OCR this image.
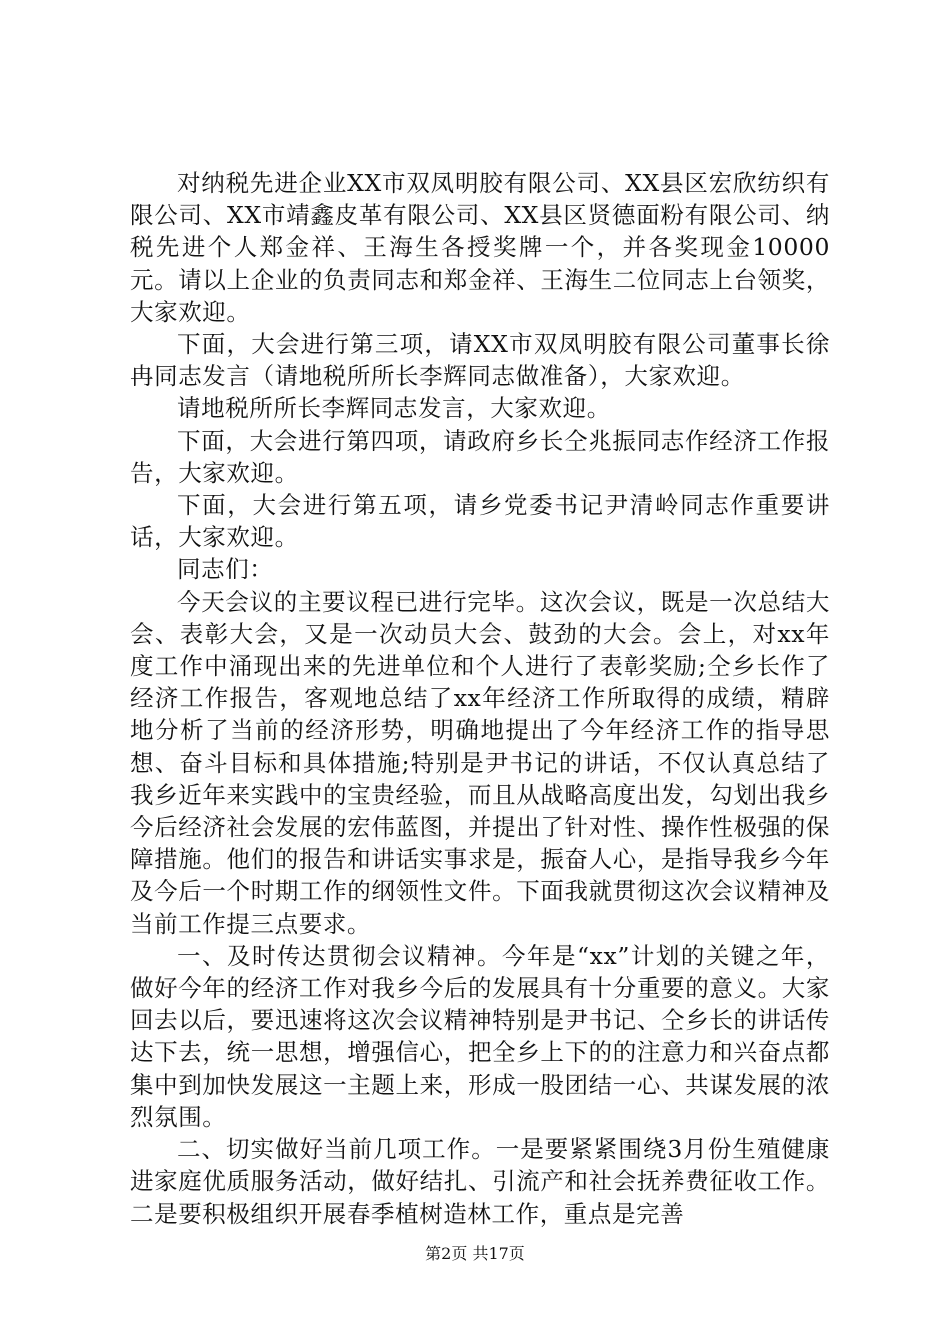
对纳税先进企业XX市双凤明胶有限公司、XX县区宏欣纺织有限公司、XX市靖鑫皮革有限公司、XX县区贤德面粉有限公司、纳税先进个人郑金祥、王海生各授奖牌一个，并各奖现金10000元。请以上企业的负责同志和郑金祥、王海生二位同志上台领奖，大家欢迎。

下面，大会进行第三项，请XX市双凤明胶有限公司董事长徐冉同志发言（请地税所所长李辉同志做准备），大家欢迎。

请地税所所长李辉同志发言，大家欢迎。

下面，大会进行第四项，请政府乡长仝兆振同志作经济工作报告，大家欢迎。

下面，大会进行第五项，请乡党委书记尹清岭同志作重要讲话，大家欢迎。

同志们：

今天会议的主要议程已进行完毕。这次会议，既是一次总结大会、表彰大会，又是一次动员大会、鼓劲的大会。会上，对xx年度工作中涌现出来的先进单位和个人进行了表彰奖励;仝乡长作了经济工作报告，客观地总结了xx年经济工作所取得的成绩，精辟地分析了当前的经济形势，明确地提出了今年经济工作的指导思想、奋斗目标和具体措施;特别是尹书记的讲话，不仅认真总结了我乡近年来实践中的宝贵经验，而且从战略高度出发，勾划出我乡今后经济社会发展的宏伟蓝图，并提出了针对性、操作性极强的保障措施。他们的报告和讲话实事求是，振奋人心，是指导我乡今年及今后一个时期工作的纲领性文件。下面我就贯彻这次会议精神及当前工作提三点要求。

一、及时传达贯彻会议精神。今年是“xx”计划的关键之年，做好今年的经济工作对我乡今后的发展具有十分重要的意义。大家回去以后，要迅速将这次会议精神特别是尹书记、仝乡长的讲话传达下去，统一思想，增强信心，把全乡上下的的注意力和兴奋点都集中到加快发展这一主题上来，形成一股团结一心、共谋发展的浓烈氛围。

二、切实做好当前几项工作。一是要紧紧围绕3月份生殖健康进家庭优质服务活动，做好结扎、引流产和社会抚养费征收工作。二是要积极组织开展春季植树造林工作，重点是完善

第2页 共17页
